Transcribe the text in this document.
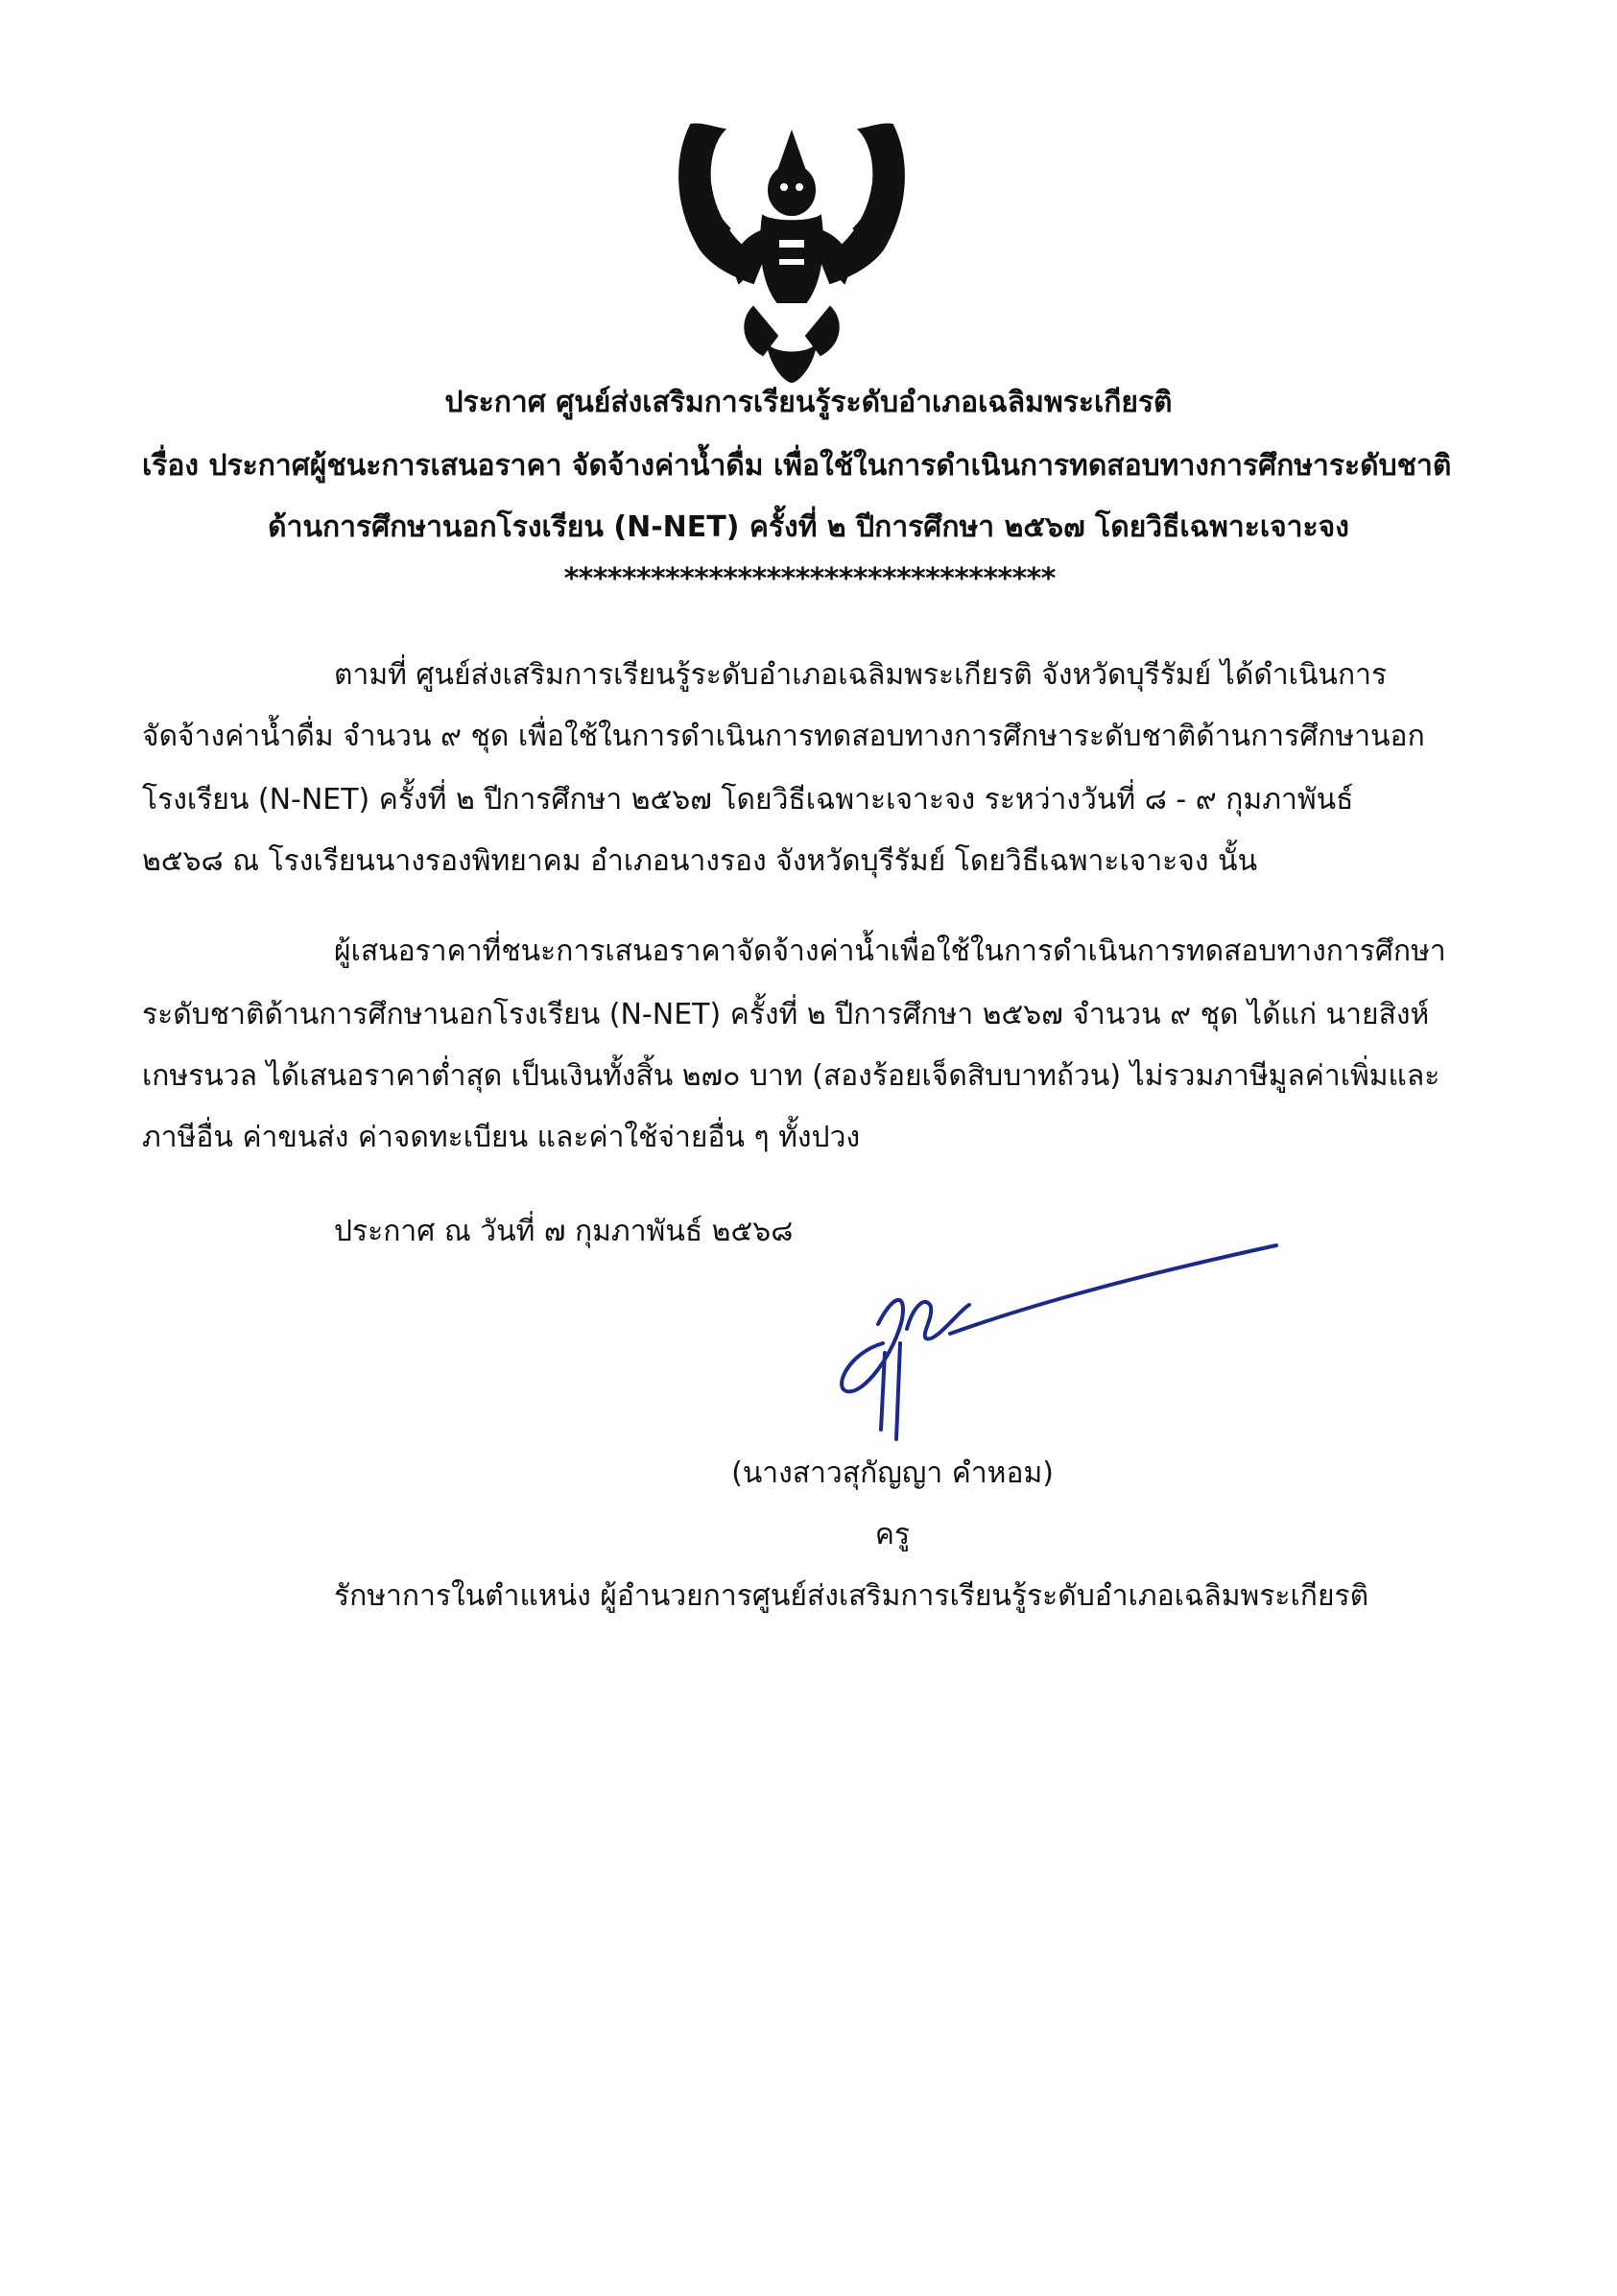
ประกาศ ศูนย์ส่งเสริมการเรียนรู้ระดับอำเภอเฉลิมพระเกียรติ
เรื่อง ประกาศผู้ชนะการเสนอราคา จัดจ้างค่าน้ำดื่ม เพื่อใช้ในการดำเนินการทดสอบทางการศึกษาระดับชาติ
ด้านการศึกษานอกโรงเรียน (N-NET) ครั้งที่ ๒ ปีการศึกษา ๒๕๖๗ โดยวิธีเฉพาะเจาะจง
**********************************
ตามที่ ศูนย์ส่งเสริมการเรียนรู้ระดับอำเภอเฉลิมพระเกียรติ จังหวัดบุรีรัมย์ ได้ดำเนินการ
จัดจ้างค่าน้ำดื่ม จำนวน ๙ ชุด เพื่อใช้ในการดำเนินการทดสอบทางการศึกษาระดับชาติด้านการศึกษานอก
โรงเรียน (N-NET) ครั้งที่ ๒ ปีการศึกษา ๒๕๖๗ โดยวิธีเฉพาะเจาะจง ระหว่างวันที่ ๘ - ๙ กุมภาพันธ์
๒๕๖๘ ณ โรงเรียนนางรองพิทยาคม อำเภอนางรอง จังหวัดบุรีรัมย์ โดยวิธีเฉพาะเจาะจง นั้น
ผู้เสนอราคาที่ชนะการเสนอราคาจัดจ้างค่าน้ำเพื่อใช้ในการดำเนินการทดสอบทางการศึกษา
ระดับชาติด้านการศึกษานอกโรงเรียน (N-NET) ครั้งที่ ๒ ปีการศึกษา ๒๕๖๗ จำนวน ๙ ชุด ได้แก่ นายสิงห์
เกษรนวล ได้เสนอราคาต่ำสุด เป็นเงินทั้งสิ้น ๒๗๐ บาท (สองร้อยเจ็ดสิบบาทถ้วน) ไม่รวมภาษีมูลค่าเพิ่มและ
ภาษีอื่น ค่าขนส่ง ค่าจดทะเบียน และค่าใช้จ่ายอื่น ๆ ทั้งปวง
ประกาศ ณ วันที่ ๗ กุมภาพันธ์ ๒๕๖๘
(นางสาวสุกัญญา คำหอม)
ครู
รักษาการในตำแหน่ง ผู้อำนวยการศูนย์ส่งเสริมการเรียนรู้ระดับอำเภอเฉลิมพระเกียรติ
